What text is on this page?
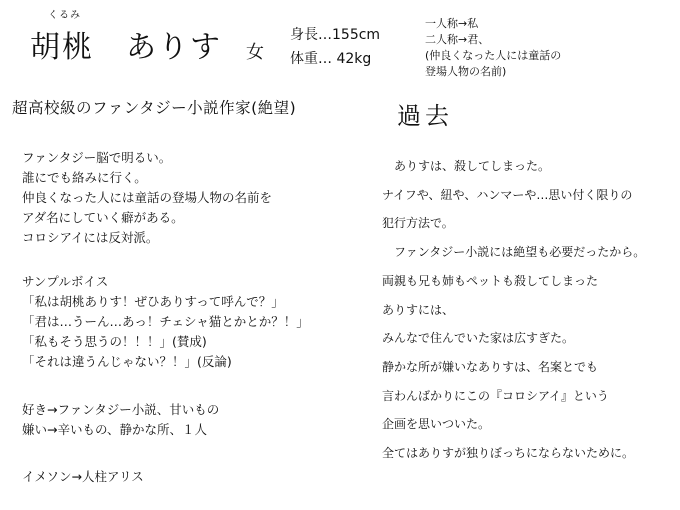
くるみ
胡桃　ありす 女
身長…155cm
体重… 42kg
一人称→私
二人称→君、
(仲良くなった人には童話の
登場人物の名前)
超高校級のファンタジー小説作家(絶望)	過去
ファンタジー脳で明るい。
誰にでも絡みに行く。
仲良くなった人には童話の登場人物の名前を
アダ名にしていく癖がある。
コロシアイには反対派。
サンプルボイス
「私は胡桃ありす！ぜひありすって呼んで？」
「君は…うーん…あっ！チェシャ猫とかとか？！」
「私もそう思うの！！！」(賛成)
「それは違うんじゃない？！」(反論)
好き→ファンタジー小説、甘いもの
嫌い→辛いもの、静かな所、１人
イメソン→人柱アリス
　ありすは、殺してしまった。
ナイフや、紐や、ハンマーや…思い付く限りの
犯行方法で。
　ファンタジー小説には絶望も必要だったから。
両親も兄も姉もペットも殺してしまった
ありすには、
みんなで住んでいた家は広すぎた。
静かな所が嫌いなありすは、名案とでも
言わんばかりにこの『コロシアイ』という
企画を思いついた。
全てはありすが独りぼっちにならないために。
